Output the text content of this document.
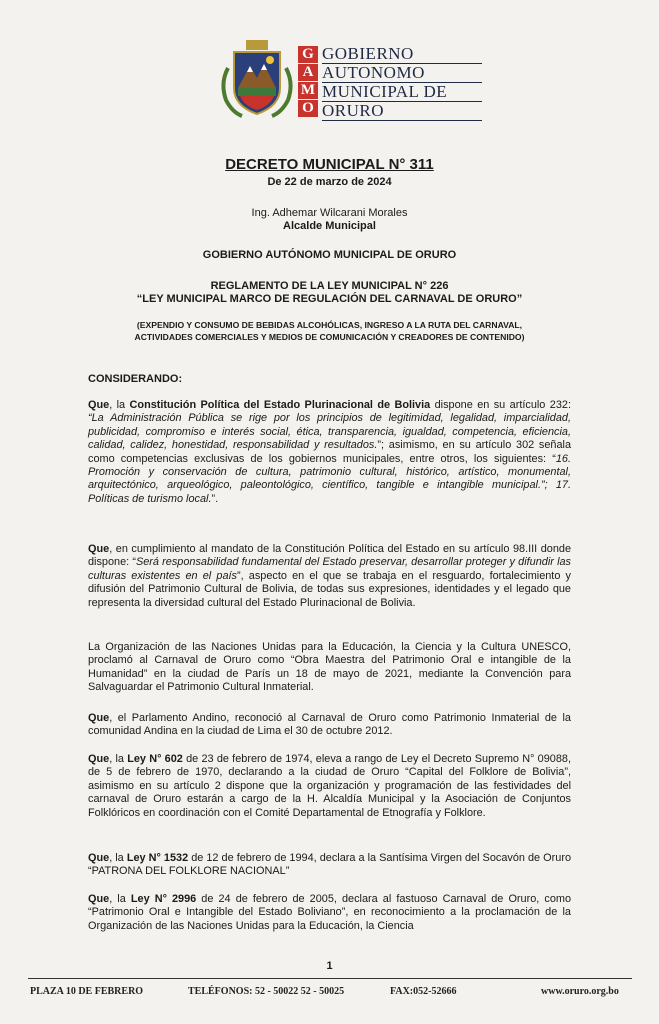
G
A
M
O
GOBIERNO
AUTONOMO
MUNICIPAL DE
ORURO
DECRETO MUNICIPAL N° 311
De 22 de marzo de 2024
Ing. Adhemar Wilcarani Morales
Alcalde Municipal
GOBIERNO AUTÓNOMO MUNICIPAL DE ORURO
REGLAMENTO DE LA LEY MUNICIPAL N° 226
“LEY MUNICIPAL MARCO DE REGULACIÓN DEL CARNAVAL DE ORURO”
(EXPENDIO Y CONSUMO DE BEBIDAS ALCOHÓLICAS, INGRESO A LA RUTA DEL CARNAVAL,
ACTIVIDADES COMERCIALES Y MEDIOS DE COMUNICACIÓN Y CREADORES DE CONTENIDO)
CONSIDERANDO:
Que, la Constitución Política del Estado Plurinacional de Bolivia dispone en su artículo 232: “La Administración Pública se rige por los principios de legitimidad, legalidad, imparcialidad, publicidad, compromiso e interés social, ética, transparencia, igualdad, competencia, eficiencia, calidad, calidez, honestidad, responsabilidad y resultados.”; asimismo, en su artículo 302 señala como competencias exclusivas de los gobiernos municipales, entre otros, los siguientes: “16. Promoción y conservación de cultura, patrimonio cultural, histórico, artístico, monumental, arquitectónico, arqueológico, paleontológico, científico, tangible e intangible municipal.”; 17. Políticas de turismo local.”.
Que, en cumplimiento al mandato de la Constitución Política del Estado en su artículo 98.III donde dispone: “Será responsabilidad fundamental del Estado preservar, desarrollar proteger y difundir las culturas existentes en el país”, aspecto en el que se trabaja en el resguardo, fortalecimiento y difusión del Patrimonio Cultural de Bolivia, de todas sus expresiones, identidades y el legado que representa la diversidad cultural del Estado Plurinacional de Bolivia.
La Organización de las Naciones Unidas para la Educación, la Ciencia y la Cultura UNESCO, proclamó al Carnaval de Oruro como “Obra Maestra del Patrimonio Oral e intangible de la Humanidad” en la ciudad de París un 18 de mayo de 2021, mediante la Convención para Salvaguardar el Patrimonio Cultural Inmaterial.
Que, el Parlamento Andino, reconoció al Carnaval de Oruro como Patrimonio Inmaterial de la comunidad Andina en la ciudad de Lima el 30 de octubre 2012.
Que, la Ley N° 602 de 23 de febrero de 1974, eleva a rango de Ley el Decreto Supremo N° 09088, de 5 de febrero de 1970, declarando a la ciudad de Oruro “Capital del Folklore de Bolivia”, asimismo en su artículo 2 dispone que la organización y programación de las festividades del carnaval de Oruro estarán a cargo de la H. Alcaldía Municipal y la Asociación de Conjuntos Folklóricos en coordinación con el Comité Departamental de Etnografía y Folklore.
Que, la Ley N° 1532 de 12 de febrero de 1994, declara a la Santísima Virgen del Socavón de Oruro “PATRONA DEL FOLKLORE NACIONAL”
Que, la Ley N° 2996 de 24 de febrero de 2005, declara al fastuoso Carnaval de Oruro, como “Patrimonio Oral e Intangible del Estado Boliviano”, en reconocimiento a la proclamación de la Organización de las Naciones Unidas para la Educación, la Ciencia
1
PLAZA 10 DE FEBRERO	TELÉFONOS: 52 - 50022 52 - 50025	FAX:052-52666	www.oruro.org.bo
